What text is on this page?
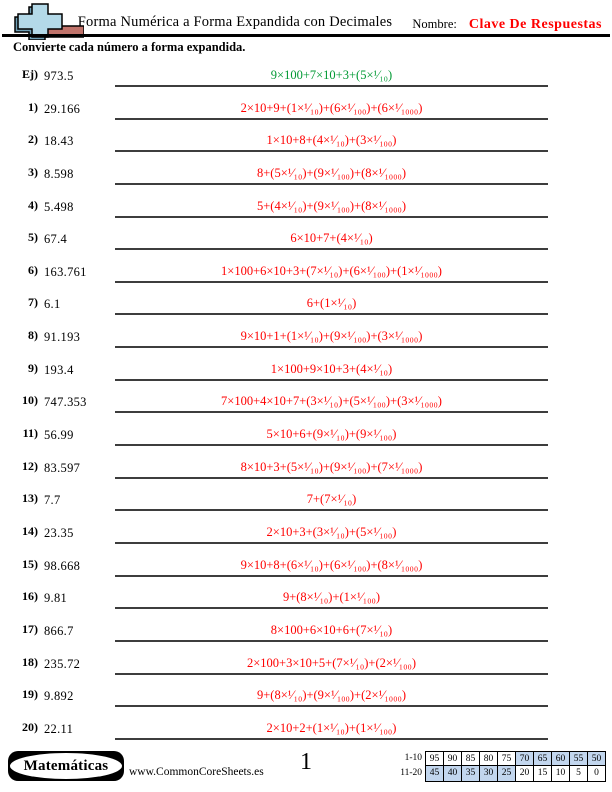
Forma Numérica a Forma Expandida con Decimales	Nombre: Clave De Respuestas
Convierte cada número a forma expandida.
Ej) 973.5	9×100+7×10+3+(5×¹⁄₁₀)
1) 29.166	2×10+9+(1×¹⁄₁₀)+(6×¹⁄₁₀₀)+(6×¹⁄₁₀₀₀)
2) 18.43	1×10+8+(4×¹⁄₁₀)+(3×¹⁄₁₀₀)
3) 8.598	8+(5×¹⁄₁₀)+(9×¹⁄₁₀₀)+(8×¹⁄₁₀₀₀)
4) 5.498	5+(4×¹⁄₁₀)+(9×¹⁄₁₀₀)+(8×¹⁄₁₀₀₀)
5) 67.4	6×10+7+(4×¹⁄₁₀)
6) 163.761	1×100+6×10+3+(7×¹⁄₁₀)+(6×¹⁄₁₀₀)+(1×¹⁄₁₀₀₀)
7) 6.1	6+(1×¹⁄₁₀)
8) 91.193	9×10+1+(1×¹⁄₁₀)+(9×¹⁄₁₀₀)+(3×¹⁄₁₀₀₀)
9) 193.4	1×100+9×10+3+(4×¹⁄₁₀)
10) 747.353	7×100+4×10+7+(3×¹⁄₁₀)+(5×¹⁄₁₀₀)+(3×¹⁄₁₀₀₀)
11) 56.99	5×10+6+(9×¹⁄₁₀)+(9×¹⁄₁₀₀)
12) 83.597	8×10+3+(5×¹⁄₁₀)+(9×¹⁄₁₀₀)+(7×¹⁄₁₀₀₀)
13) 7.7	7+(7×¹⁄₁₀)
14) 23.35	2×10+3+(3×¹⁄₁₀)+(5×¹⁄₁₀₀)
15) 98.668	9×10+8+(6×¹⁄₁₀)+(6×¹⁄₁₀₀)+(8×¹⁄₁₀₀₀)
16) 9.81	9+(8×¹⁄₁₀)+(1×¹⁄₁₀₀)
17) 866.7	8×100+6×10+6+(7×¹⁄₁₀)
18) 235.72	2×100+3×10+5+(7×¹⁄₁₀)+(2×¹⁄₁₀₀)
19) 9.892	9+(8×¹⁄₁₀)+(9×¹⁄₁₀₀)+(2×¹⁄₁₀₀₀)
20) 22.11	2×10+2+(1×¹⁄₁₀)+(1×¹⁄₁₀₀)
Matemáticas www.CommonCoreSheets.es	1	1-10 95 90 85 80 75 70 65 60 55 50
11-20 45 40 35 30 25 20 15 10	5	0
